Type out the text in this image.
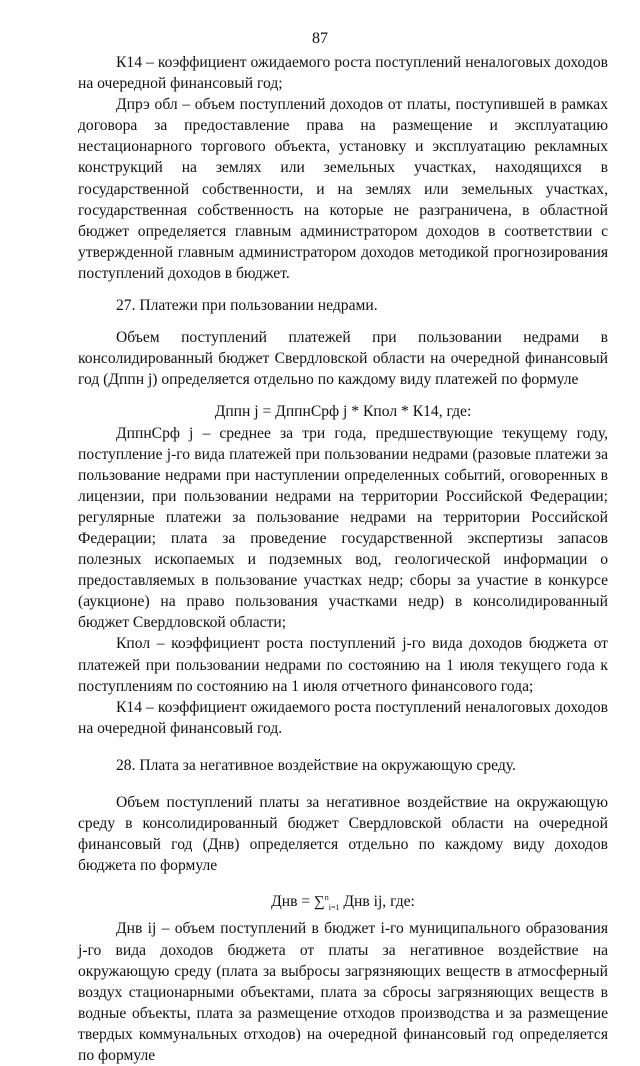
87

К14 – коэффициент ожидаемого роста поступлений неналоговых доходов на очередной финансовый год;

Дпрэ обл – объем поступлений доходов от платы, поступившей в рамках договора за предоставление права на размещение и эксплуатацию нестационарного торгового объекта, установку и эксплуатацию рекламных конструкций на землях или земельных участках, находящихся в государственной собственности, и на землях или земельных участках, государственная собственность на которые не разграничена, в областной бюджет определяется главным администратором доходов в соответствии с утвержденной главным администратором доходов методикой прогнозирования поступлений доходов в бюджет.

27. Платежи при пользовании недрами.

Объем поступлений платежей при пользовании недрами в консолидированный бюджет Свердловской области на очередной финансовый год (Дппн j) определяется отдельно по каждому виду платежей по формуле

Дппн j = ДппнСрф j * Кпол * К14, где:

ДппнСрф j – среднее за три года, предшествующие текущему году, поступление j-го вида платежей при пользовании недрами (разовые платежи за пользование недрами при наступлении определенных событий, оговоренных в лицензии, при пользовании недрами на территории Российской Федерации; регулярные платежи за пользование недрами на территории Российской Федерации; плата за проведение государственной экспертизы запасов полезных ископаемых и подземных вод, геологической информации о предоставляемых в пользование участках недр; сборы за участие в конкурсе (аукционе) на право пользования участками недр) в консолидированный бюджет Свердловской области;

Кпол – коэффициент роста поступлений j-го вида доходов бюджета от платежей при пользовании недрами по состоянию на 1 июля текущего года к поступлениям по состоянию на 1 июля отчетного финансового года;

К14 – коэффициент ожидаемого роста поступлений неналоговых доходов на очередной финансовый год.

28. Плата за негативное воздействие на окружающую среду.

Объем поступлений платы за негативное воздействие на окружающую среду в консолидированный бюджет Свердловской области на очередной финансовый год (Днв) определяется отдельно по каждому виду доходов бюджета по формуле

Днв = ∑$^n_{i=1}$ Днв ij, где:

Днв ij – объем поступлений в бюджет i-го муниципального образования j-го вида доходов бюджета от платы за негативное воздействие на окружающую среду (плата за выбросы загрязняющих веществ в атмосферный воздух стационарными объектами, плата за сбросы загрязняющих веществ в водные объекты, плата за размещение отходов производства и за размещение твердых коммунальных отходов) на очередной финансовый год определяется по формуле
